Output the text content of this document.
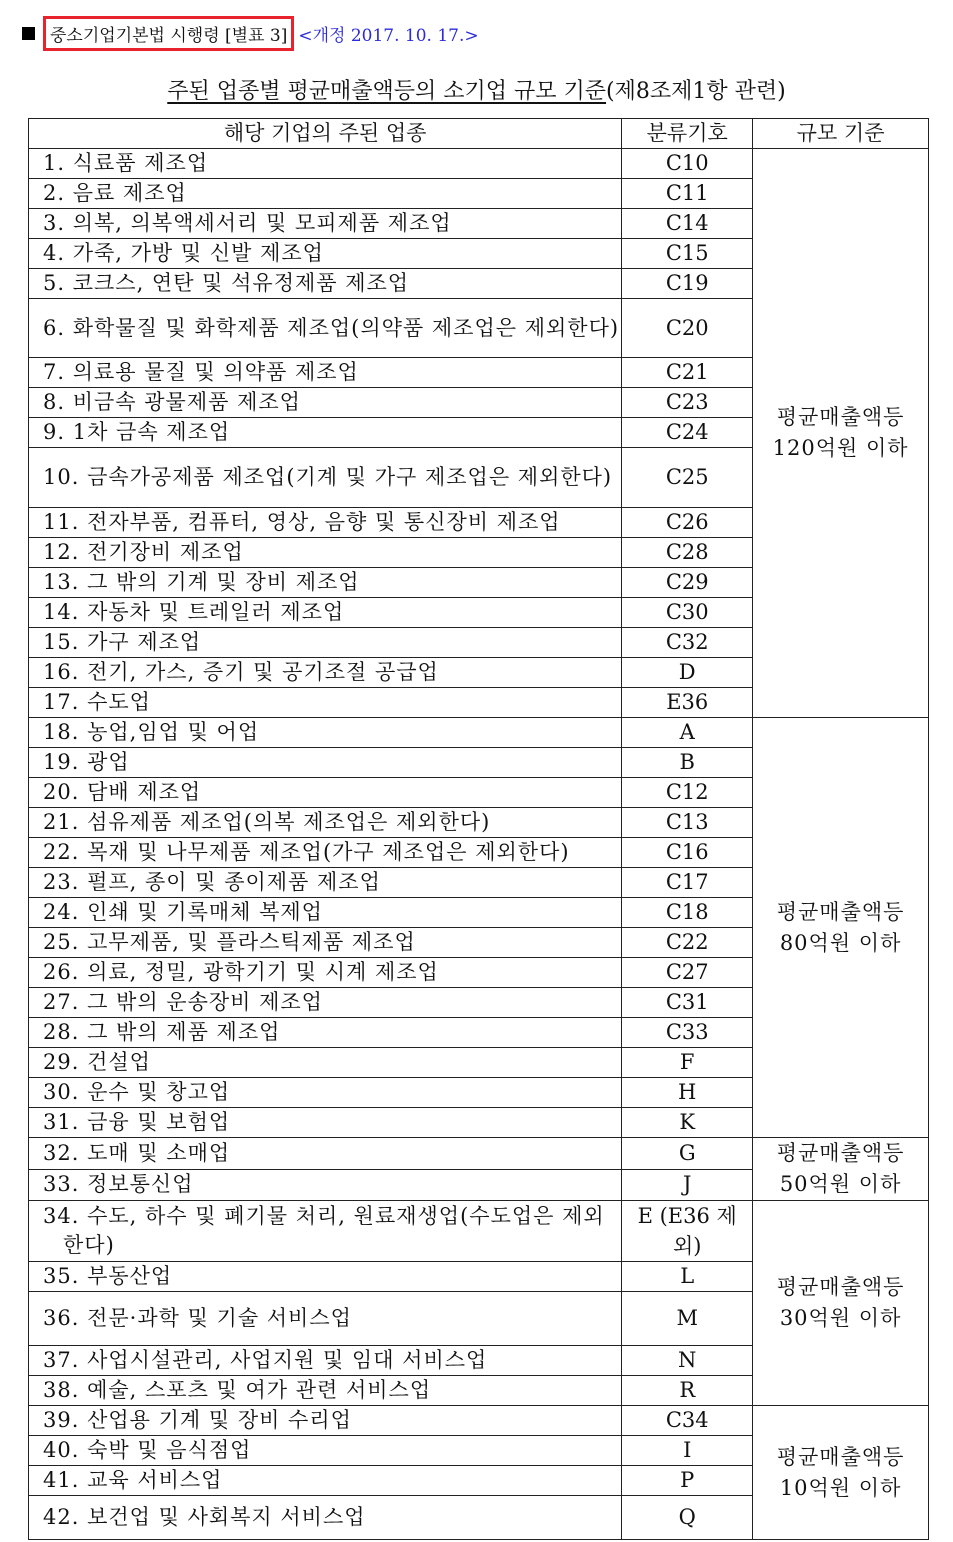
중소기업기본법 시행령 [별표 3] <개정 2017. 10. 17.>
주된 업종별 평균매출액등의 소기업 규모 기준(제8조제1항 관련)
해당 기업의 주된 업종	분류기호	규모 기준

1. 식료품 제조업	C10	평균매출액등
120억원 이하

2. 음료 제조업	C11	

3. 의복, 의복액세서리 및 모피제품 제조업	C14	

4. 가죽, 가방 및 신발 제조업	C15	

5. 코크스, 연탄 및 석유정제품 제조업	C19	

6. 화학물질 및 화학제품 제조업(의약품 제조업은 제외한다)	C20	

7. 의료용 물질 및 의약품 제조업	C21	

8. 비금속 광물제품 제조업	C23	

9. 1차 금속 제조업	C24	

10. 금속가공제품 제조업(기계 및 가구 제조업은 제외한다)	C25	

11. 전자부품, 컴퓨터, 영상, 음향 및 통신장비 제조업	C26	

12. 전기장비 제조업	C28	

13. 그 밖의 기계 및 장비 제조업	C29	

14. 자동차 및 트레일러 제조업	C30	

15. 가구 제조업	C32	

16. 전기, 가스, 증기 및 공기조절 공급업	D	

17. 수도업	E36	

18. 농업,임업 및 어업	A	평균매출액등
80억원 이하

19. 광업	B	

20. 담배 제조업	C12	

21. 섬유제품 제조업(의복 제조업은 제외한다)	C13	

22. 목재 및 나무제품 제조업(가구 제조업은 제외한다)	C16	

23. 펄프, 종이 및 종이제품 제조업	C17	

24. 인쇄 및 기록매체 복제업	C18	

25. 고무제품, 및 플라스틱제품 제조업	C22	

26. 의료, 정밀, 광학기기 및 시계 제조업	C27	

27. 그 밖의 운송장비 제조업	C31	

28. 그 밖의 제품 제조업	C33	

29. 건설업	F	

30. 운수 및 창고업	H	

31. 금융 및 보험업	K	

32. 도매 및 소매업	G	평균매출액등
50억원 이하

33. 정보통신업	J	

34. 수도, 하수 및 폐기물 처리, 원료재생업(수도업은 제외한다)	E (E36 제외)	평균매출액등
30억원 이하

35. 부동산업	L	

36. 전문·과학 및 기술 서비스업	M	

37. 사업시설관리, 사업지원 및 임대 서비스업	N	

38. 예술, 스포츠 및 여가 관련 서비스업	R	

39. 산업용 기계 및 장비 수리업	C34	평균매출액등
10억원 이하

40. 숙박 및 음식점업	I	

41. 교육 서비스업	P	

42. 보건업 및 사회복지 서비스업	Q	
